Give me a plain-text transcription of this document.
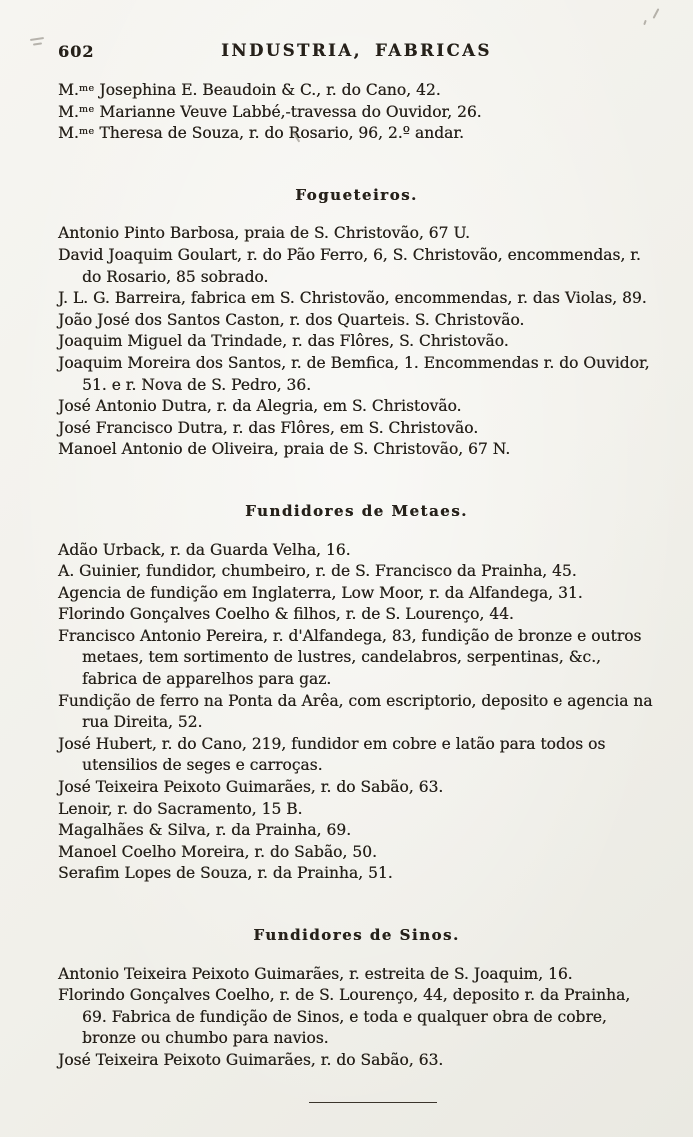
602	INDUSTRIA, FABRICAS

M.$^{me}$ Josephina E. Beaudoin & C., r. do Cano, 42.

M.$^{me}$ Marianne Veuve Labbé,-travessa do Ouvidor, 26.

M.$^{me}$ Theresa de Souza, r. do Rosario, 96, 2.º andar.

Fogueteiros.

Antonio Pinto Barbosa, praia de S. Christovão, 67 U.

David Joaquim Goulart, r. do Pão Ferro, 6, S. Christovão, encommendas, r. do Rosario, 85 sobrado.

J. L. G. Barreira, fabrica em S. Christovão, encommendas, r. das Violas, 89.

João José dos Santos Caston, r. dos Quarteis. S. Christovão.

Joaquim Miguel da Trindade, r. das Flôres, S. Christovão.

Joaquim Moreira dos Santos, r. de Bemfica, 1. Encommendas r. do Ouvidor, 51. e r. Nova de S. Pedro, 36.

José Antonio Dutra, r. da Alegria, em S. Christovão.

José Francisco Dutra, r. das Flôres, em S. Christovão.

Manoel Antonio de Oliveira, praia de S. Christovão, 67 N.

Fundidores de Metaes.

Adão Urback, r. da Guarda Velha, 16.

A. Guinier, fundidor, chumbeiro, r. de S. Francisco da Prainha, 45.

Agencia de fundição em Inglaterra, Low Moor, r. da Alfandega, 31.

Florindo Gonçalves Coelho & filhos, r. de S. Lourenço, 44.

Francisco Antonio Pereira, r. d'Alfandega, 83, fundição de bronze e outros metaes, tem sortimento de lustres, candelabros, serpentinas, &c., fabrica de apparelhos para gaz.

Fundição de ferro na Ponta da Arêa, com escriptorio, deposito e agencia na rua Direita, 52.

José Hubert, r. do Cano, 219, fundidor em cobre e latão para todos os utensilios de seges e carroças.

José Teixeira Peixoto Guimarães, r. do Sabão, 63.

Lenoir, r. do Sacramento, 15 B.

Magalhães & Silva, r. da Prainha, 69.

Manoel Coelho Moreira, r. do Sabão, 50.

Serafim Lopes de Souza, r. da Prainha, 51.

Fundidores de Sinos.

Antonio Teixeira Peixoto Guimarães, r. estreita de S. Joaquim, 16.

Florindo Gonçalves Coelho, r. de S. Lourenço, 44, deposito r. da Prainha, 69. Fabrica de fundição de Sinos, e toda e qualquer obra de cobre, bronze ou chumbo para navios.

José Teixeira Peixoto Guimarães, r. do Sabão, 63.
